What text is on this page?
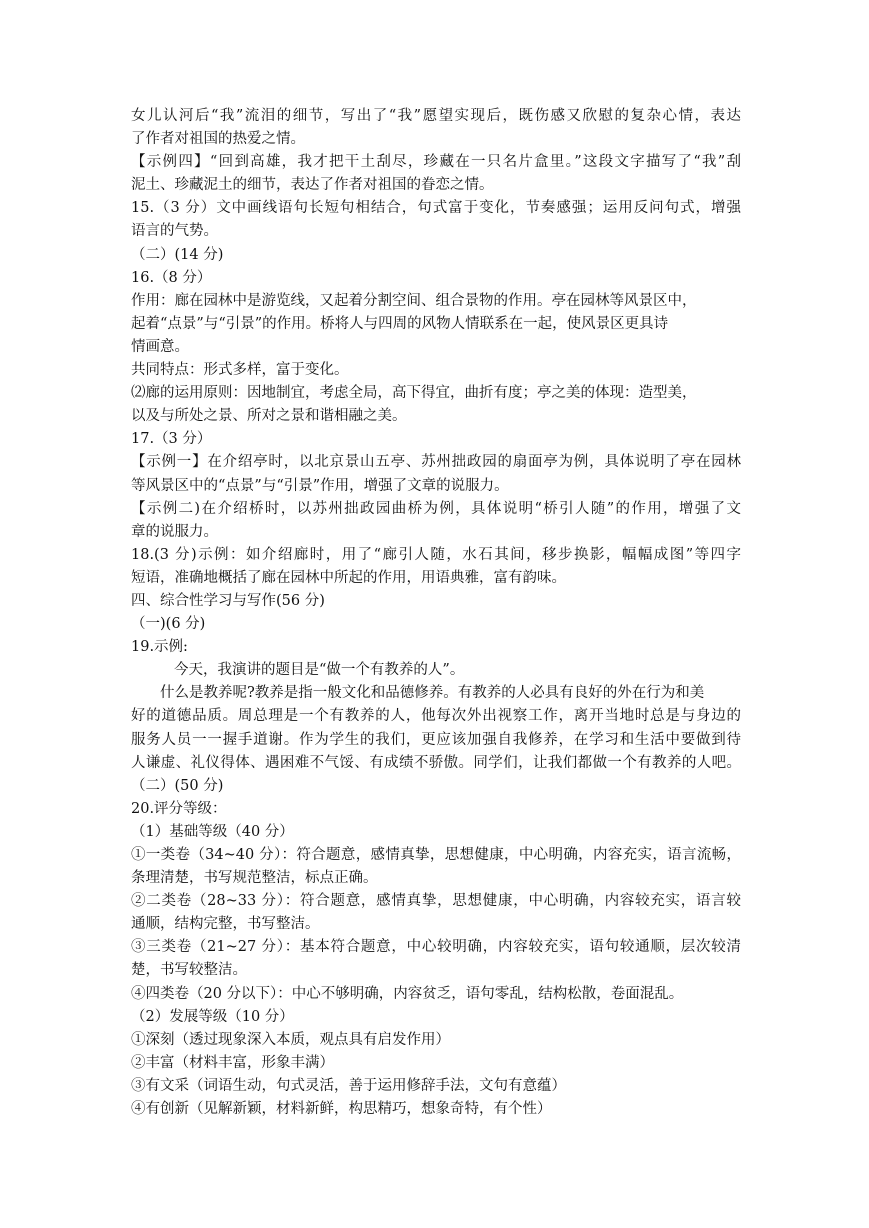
女儿认河后“我”流泪的细节，写出了“我”愿望实现后，既伤感又欣慰的复杂心情，表达
了作者对祖国的热爱之情。
【示例四】“回到高雄，我才把干土刮尽，珍藏在一只名片盒里。”这段文字描写了“我”刮
泥土、珍藏泥土的细节，表达了作者对祖国的眷恋之情。
15.（3 分）文中画线语句长短句相结合，句式富于变化，节奏感强；运用反问句式，增强
语言的气势。
（二）(14 分)
16.（8 分）
作用：廊在园林中是游览线，又起着分割空间、组合景物的作用。亭在园林等风景区中，
起着“点景”与“引景”的作用。桥将人与四周的风物人情联系在一起，使风景区更具诗
情画意。
共同特点：形式多样，富于变化。
⑵廊的运用原则：因地制宜，考虑全局，高下得宜，曲折有度；亭之美的体现：造型美，
以及与所处之景、所对之景和谐相融之美。
17.（3 分）
【示例一】在介绍亭时，以北京景山五亭、苏州拙政园的扇面亭为例，具体说明了亭在园林
等风景区中的“点景”与“引景”作用，增强了文章的说服力。
【示例二)在介绍桥时，以苏州拙政园曲桥为例，具体说明“桥引人随”的作用，增强了文
章的说服力。
18.(3 分)示例：如介绍廊时，用了“廊引人随，水石其间，移步换影，幅幅成图”等四字
短语，准确地概括了廊在园林中所起的作用，用语典雅，富有韵味。
四、综合性学习与写作(56 分)
（一)(6 分)
19.示例:
今天，我演讲的题目是“做一个有教养的人”。
什么是教养呢?教养是指一般文化和品德修养。有教养的人必具有良好的外在行为和美
好的道德品质。周总理是一个有教养的人，他每次外出视察工作，离开当地时总是与身边的
服务人员一一握手道谢。作为学生的我们，更应该加强自我修养，在学习和生活中要做到待
人谦虚、礼仪得体、遇困难不气馁、有成绩不骄傲。同学们，让我们都做一个有教养的人吧。
（二）(50 分)
20.评分等级：
（1）基础等级（40 分）
①一类卷（34~40 分）：符合题意，感情真挚，思想健康，中心明确，内容充实，语言流畅，
条理清楚，书写规范整洁，标点正确。
②二类卷（28~33 分）：符合题意，感情真挚，思想健康，中心明确，内容较充实，语言较
通顺，结构完整，书写整洁。
③三类卷（21~27 分）：基本符合题意，中心较明确，内容较充实，语句较通顺，层次较清
楚，书写较整洁。
④四类卷（20 分以下）：中心不够明确，内容贫乏，语句零乱，结构松散，卷面混乱。
（2）发展等级（10 分）
①深刻（透过现象深入本质，观点具有启发作用）
②丰富（材料丰富，形象丰满）
③有文采（词语生动，句式灵活，善于运用修辞手法，文句有意蕴）
④有创新（见解新颖，材料新鲜，构思精巧，想象奇特，有个性）
